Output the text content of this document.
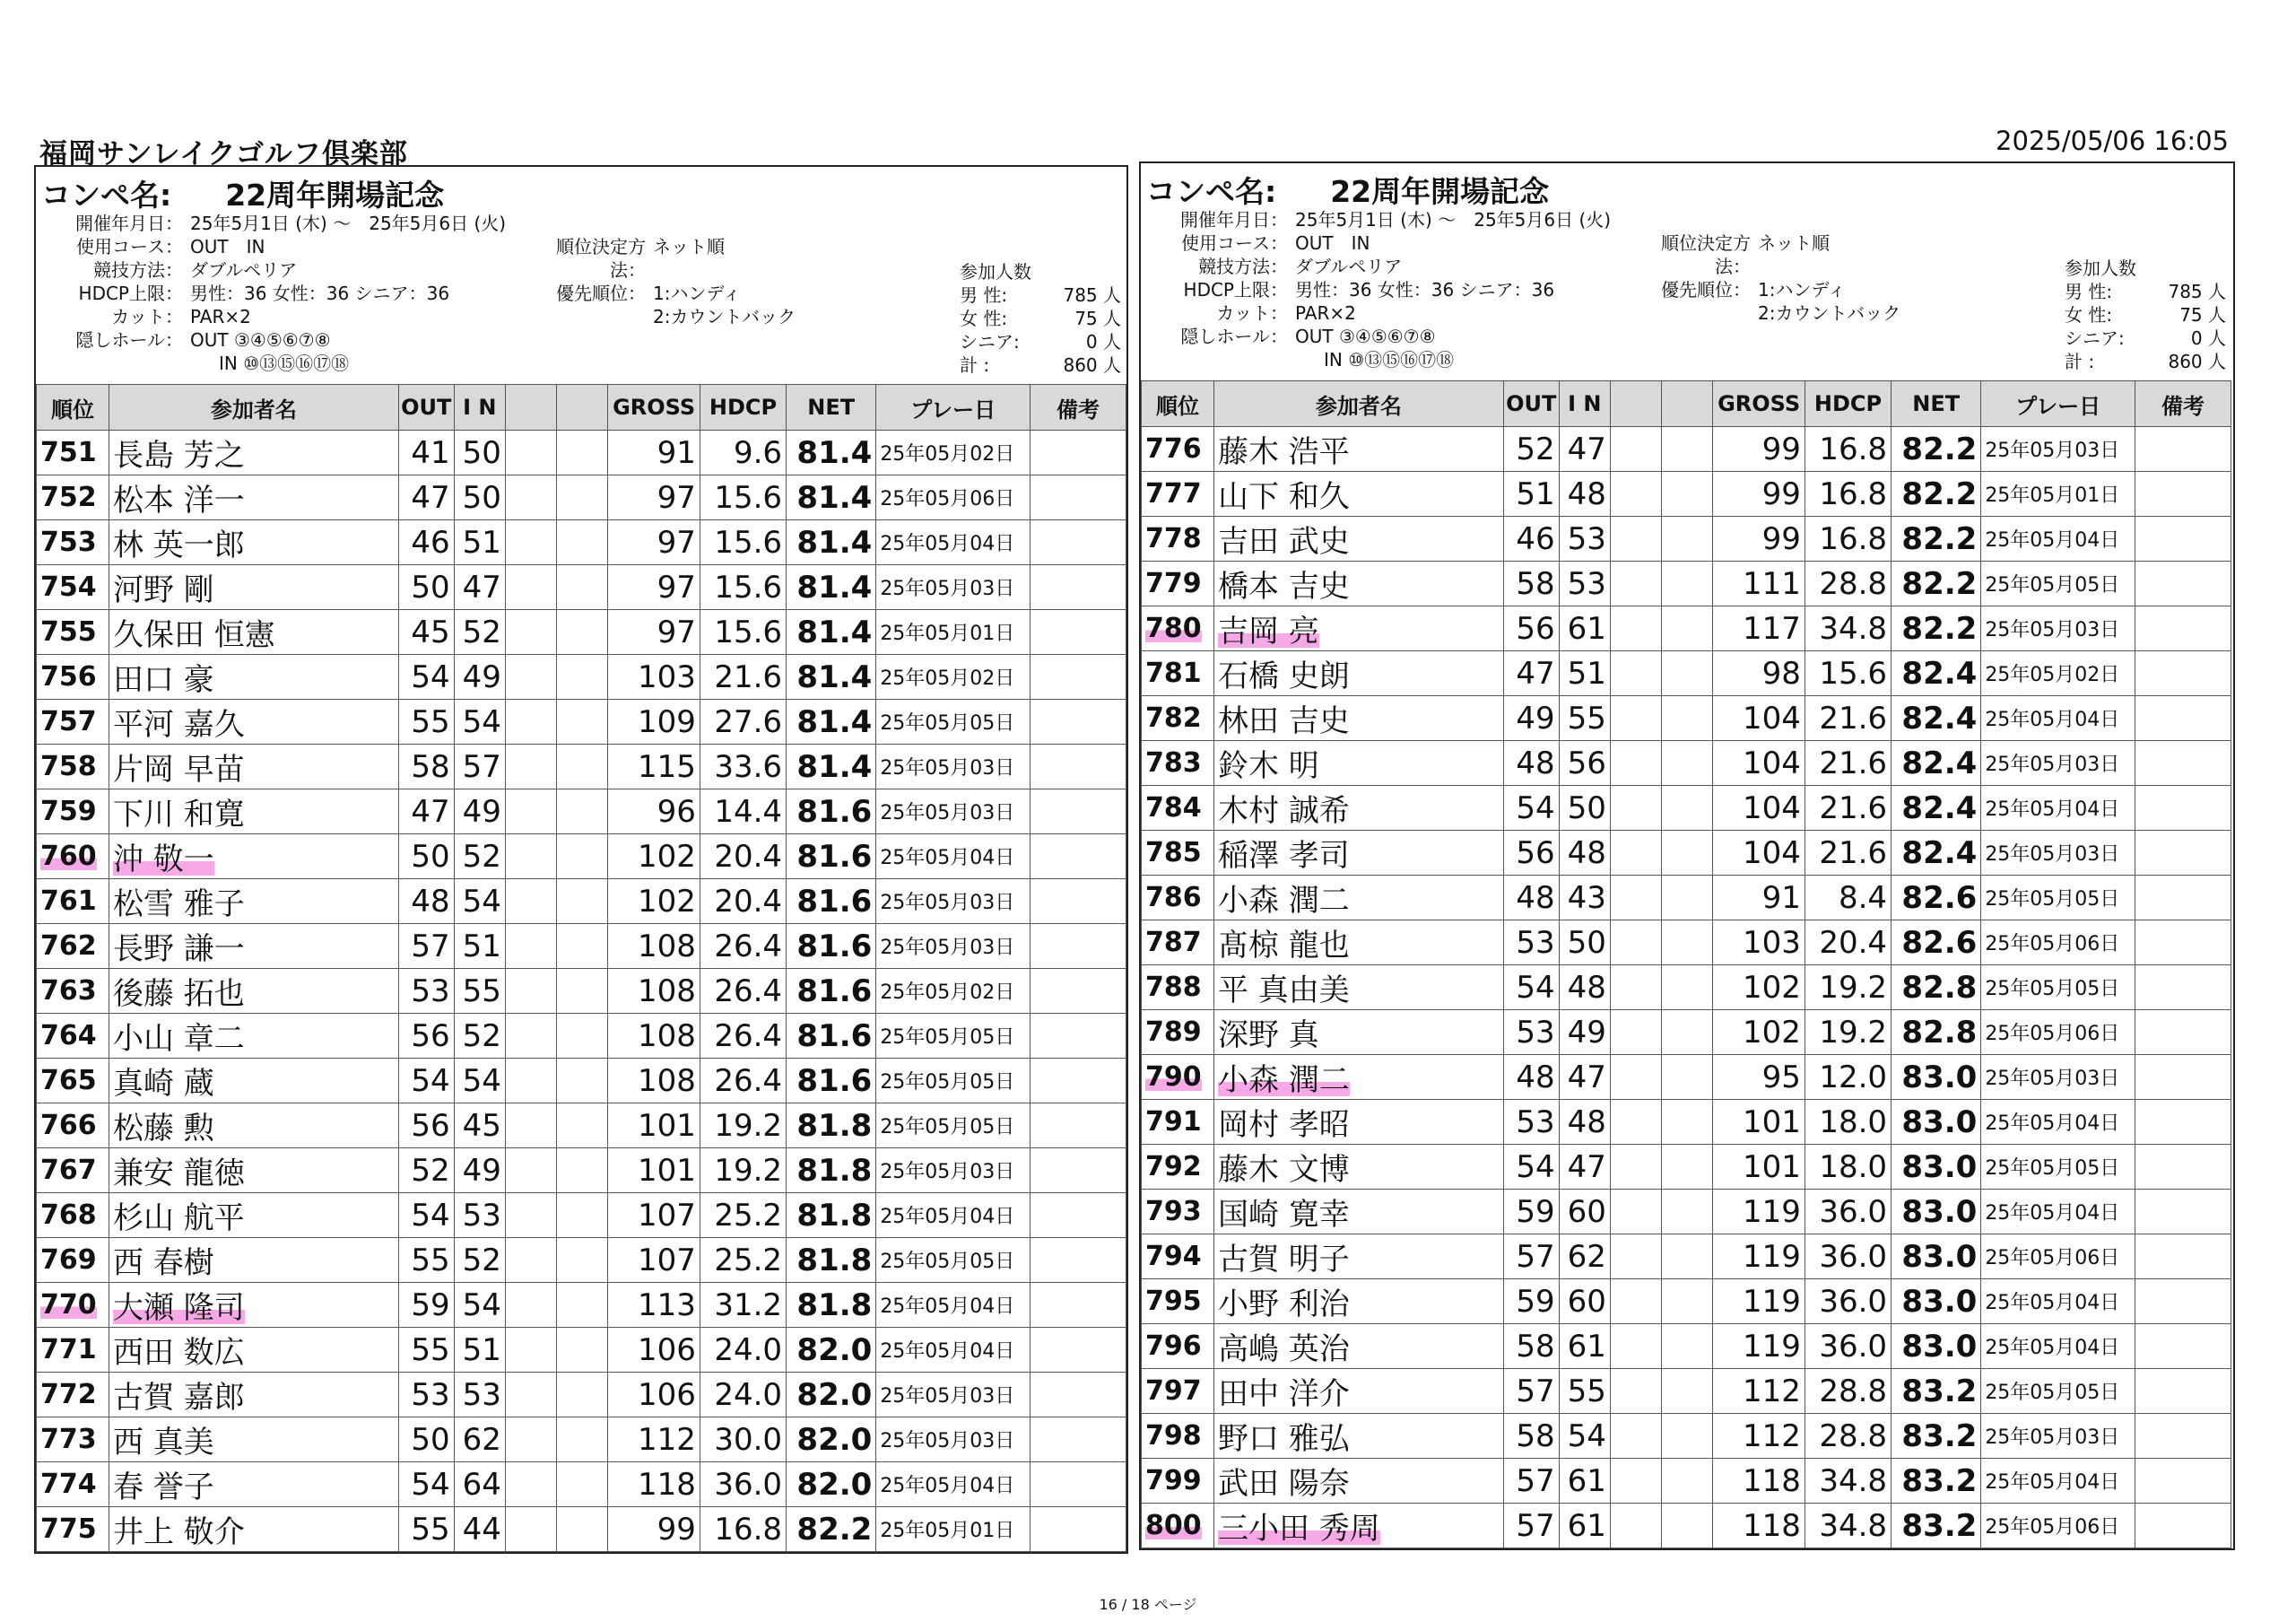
福岡サンレイクゴルフ倶楽部	2025/05/06 16:05
コンペ名: 22周年開場記念
開催年月日： 25年5月1日 (木) ～　25年5月6日 (火)
使用コース： OUT　IN
競技方法： ダブルペリア
HDCP上限： 男性：36 女性：36 シニア：36
カット： PAR×2
隠しホール： OUT ③④⑤⑥⑦⑧
IN ⑩⑬⑮⑯⑰⑱
順位決定方法：
ネット順
優先順位： 1:ハンディ
2:カウントバック
参加人数
男 性:	785 人
女 性:	75 人
シニア:	0 人
計 :	860 人
順位	参加者名	OUT	I N			GROSS	HDCP	NET	プレー日	備考
751	長島 芳之	41	50			91	9.6	81.4	25年05月02日	
752	松本 洋一	47	50			97	15.6	81.4	25年05月06日	
753	林 英一郎	46	51			97	15.6	81.4	25年05月04日	
754	河野 剛	50	47			97	15.6	81.4	25年05月03日	
755	久保田 恒憲	45	52			97	15.6	81.4	25年05月01日	
756	田口 豪	54	49			103	21.6	81.4	25年05月02日	
757	平河 嘉久	55	54			109	27.6	81.4	25年05月05日	
758	片岡 早苗	58	57			115	33.6	81.4	25年05月03日	
759	下川 和寛	47	49			96	14.4	81.6	25年05月03日	
760	沖 敬一	50	52			102	20.4	81.6	25年05月04日	
761	松雪 雅子	48	54			102	20.4	81.6	25年05月03日	
762	長野 謙一	57	51			108	26.4	81.6	25年05月03日	
763	後藤 拓也	53	55			108	26.4	81.6	25年05月02日	
764	小山 章二	56	52			108	26.4	81.6	25年05月05日	
765	真崎 蔵	54	54			108	26.4	81.6	25年05月05日	
766	松藤 勲	56	45			101	19.2	81.8	25年05月05日	
767	兼安 龍徳	52	49			101	19.2	81.8	25年05月03日	
768	杉山 航平	54	53			107	25.2	81.8	25年05月04日	
769	西 春樹	55	52			107	25.2	81.8	25年05月05日	
770	大瀬 隆司	59	54			113	31.2	81.8	25年05月04日	
771	西田 数広	55	51			106	24.0	82.0	25年05月04日	
772	古賀 嘉郎	53	53			106	24.0	82.0	25年05月03日	
773	西 真美	50	62			112	30.0	82.0	25年05月03日	
774	春 誉子	54	64			118	36.0	82.0	25年05月04日	
775	井上 敬介	55	44			99	16.8	82.2	25年05月01日	
コンペ名: 22周年開場記念
開催年月日： 25年5月1日 (木) ～　25年5月6日 (火)
使用コース： OUT　IN
競技方法： ダブルペリア
HDCP上限： 男性：36 女性：36 シニア：36
カット： PAR×2
隠しホール： OUT ③④⑤⑥⑦⑧
IN ⑩⑬⑮⑯⑰⑱
順位決定方法：
ネット順
優先順位： 1:ハンディ
2:カウントバック
参加人数
男 性:	785 人
女 性:	75 人
シニア:	0 人
計 :	860 人
順位	参加者名	OUT	I N			GROSS	HDCP	NET	プレー日	備考
776	藤木 浩平	52	47			99	16.8	82.2	25年05月03日	
777	山下 和久	51	48			99	16.8	82.2	25年05月01日	
778	吉田 武史	46	53			99	16.8	82.2	25年05月04日	
779	橋本 吉史	58	53			111	28.8	82.2	25年05月05日	
780	吉岡 亮	56	61			117	34.8	82.2	25年05月03日	
781	石橋 史朗	47	51			98	15.6	82.4	25年05月02日	
782	林田 吉史	49	55			104	21.6	82.4	25年05月04日	
783	鈴木 明	48	56			104	21.6	82.4	25年05月03日	
784	木村 誠希	54	50			104	21.6	82.4	25年05月04日	
785	稲澤 孝司	56	48			104	21.6	82.4	25年05月03日	
786	小森 潤二	48	43			91	8.4	82.6	25年05月05日	
787	髙椋 龍也	53	50			103	20.4	82.6	25年05月06日	
788	平 真由美	54	48			102	19.2	82.8	25年05月05日	
789	深野 真	53	49			102	19.2	82.8	25年05月06日	
790	小森 潤二	48	47			95	12.0	83.0	25年05月03日	
791	岡村 孝昭	53	48			101	18.0	83.0	25年05月04日	
792	藤木 文博	54	47			101	18.0	83.0	25年05月05日	
793	国崎 寛幸	59	60			119	36.0	83.0	25年05月04日	
794	古賀 明子	57	62			119	36.0	83.0	25年05月06日	
795	小野 利治	59	60			119	36.0	83.0	25年05月04日	
796	高嶋 英治	58	61			119	36.0	83.0	25年05月04日	
797	田中 洋介	57	55			112	28.8	83.2	25年05月05日	
798	野口 雅弘	58	54			112	28.8	83.2	25年05月03日	
799	武田 陽奈	57	61			118	34.8	83.2	25年05月04日	
800	三小田 秀周	57	61			118	34.8	83.2	25年05月06日	
16 / 18 ページ
